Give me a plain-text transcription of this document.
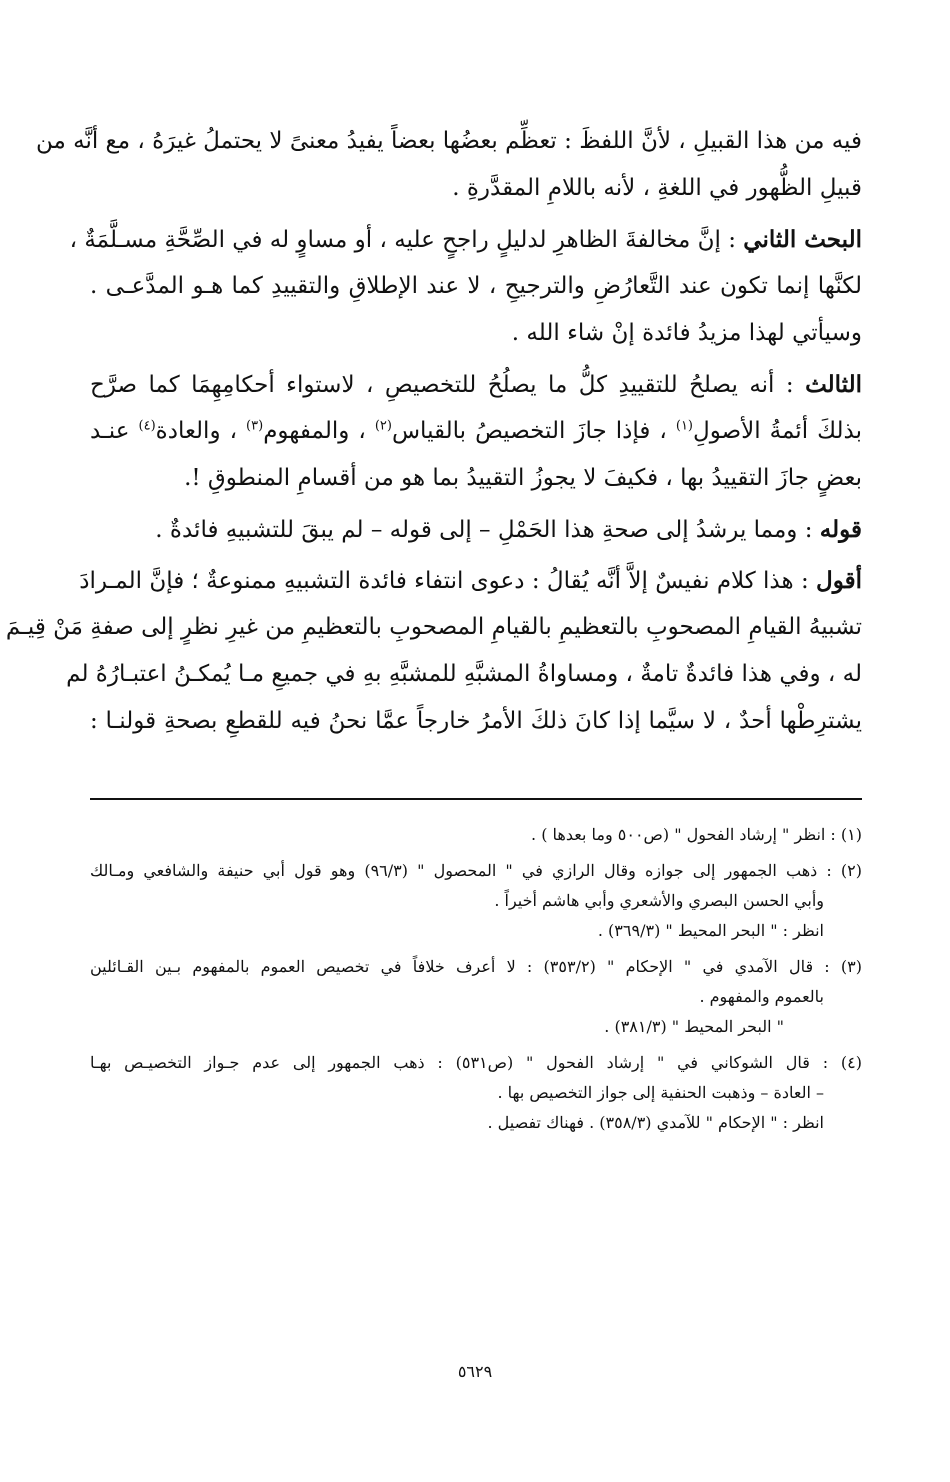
فيه من هذا القبيلِ ، لأنَّ اللفظَ : تعظِّم بعضُها بعضاً يفيدُ معنىً لا يحتملُ غيرَهُ ، مع أنَّه من
قبيلِ الظُّهور في اللغةِ ، لأنه باللامِ المقدَّرةِ .
البحث الثاني : إنَّ مخالفةَ الظاهرِ لدليلٍ راجحٍ عليه ، أو مساوٍ له في الصِّحَّةِ مسـلَّمَةٌ ،
لكنَّها إنما تكون عند التَّعارُضِ والترجيحِ ، لا عند الإطلاقِ والتقييدِ كما هـو المدَّعـى .
وسيأتي لهذا مزيدُ فائدة إنْ شاء الله .
الثالث : أنه يصلحُ للتقييدِ كلُّ ما يصلُحُ للتخصيصِ ، لاستواء أحكامِهِمَا كما صرَّح
بذلكَ أئمةُ الأصولِ$^{(١)}$ ، فإذا جازَ التخصيصُ بالقياس$^{(٢)}$ ، والمفهوم$^{(٣)}$ ، والعادة$^{(٤)}$ عنـد
بعضٍ جازَ التقييدُ بها ، فكيفَ لا يجوزُ التقييدُ بما هو من أقسامِ المنطوقِ !.
قوله : ومما يرشدُ إلى صحةِ هذا الحَمْلِ – إلى قوله – لم يبقَ للتشبيهِ فائدةٌ .
أقول : هذا كلام نفيسٌ إلاَّ أنَّه يُقالُ : دعوى انتفاء فائدة التشبيهِ ممنوعةٌ ؛ فإنَّ المـرادَ
تشبيهُ القيامِ المصحوبِ بالتعظيمِ بالقيامِ المصحوبِ بالتعظيمِ من غيرِ نظرٍ إلى صفةِ مَنْ قِيـمَ
له ، وفي هذا فائدةٌ تامةٌ ، ومساواةُ المشبَّهِ للمشبَّهِ بهِ في جميعِ مـا يُمكـنُ اعتبـارُهُ لم
يشترِطْها أحدٌ ، لا سيَّما إذا كانَ ذلكَ الأمرُ خارجاً عمَّا نحنُ فيه للقطعِ بصحةِ قولنـا :
(١) : انظر " إرشاد الفحول " (ص٥٠٠ وما بعدها ) .
(٢) : ذهب الجمهور إلى جوازه وقال الرازي في " المحصول " (٩٦/٣) وهو قول أبي حنيفة والشافعي ومـالك
وأبي الحسن البصري والأشعري وأبي هاشم أخيراً .
انظر : " البحر المحيط " (٣٦٩/٣) .
(٣) : قال الآمدي في " الإحكام " (٣٥٣/٢) : لا أعرف خلافاً في تخصيص العموم بالمفهوم بـين القـائلين
بالعموم والمفهوم .
" البحر المحيط " (٣٨١/٣) .
(٤) : قال الشوكاني في " إرشاد الفحول " (ص٥٣١) : ذهب الجمهور إلى عدم جـواز التخصيـص بهـا
– العادة – وذهبت الحنفية إلى جواز التخصيص بها .
انظر : " الإحكام " للآمدي (٣٥٨/٣) . فهناك تفصيل .
٥٦٢٩
